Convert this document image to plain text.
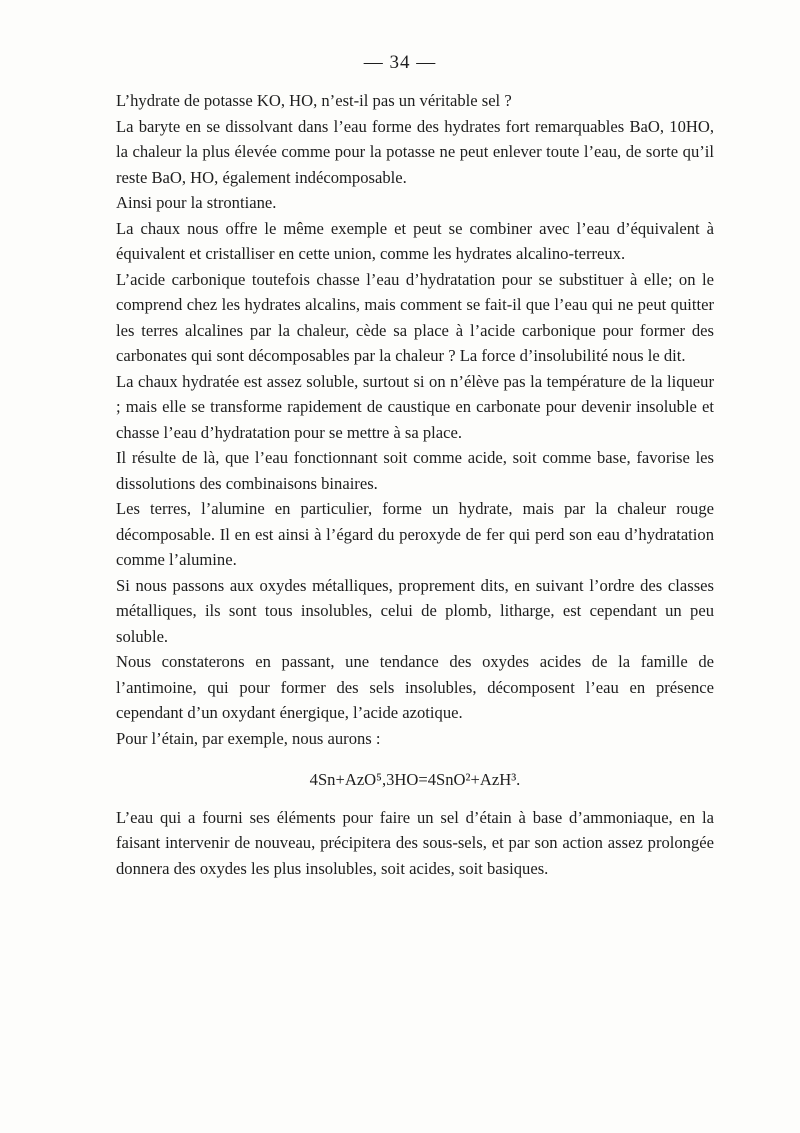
— 34 —

L’hydrate de potasse KO, HO, n’est-il pas un véritable sel ?

La baryte en se dissolvant dans l’eau forme des hydrates fort remarquables BaO, 10HO, la chaleur la plus élevée comme pour la potasse ne peut enlever toute l’eau, de sorte qu’il reste BaO, HO, également indécomposable.

Ainsi pour la strontiane.

La chaux nous offre le même exemple et peut se combiner avec l’eau d’équivalent à équivalent et cristalliser en cette union, comme les hydrates alcalino-terreux.

L’acide carbonique toutefois chasse l’eau d’hydratation pour se substituer à elle; on le comprend chez les hydrates alcalins, mais comment se fait-il que l’eau qui ne peut quitter les terres alcalines par la chaleur, cède sa place à l’acide carbonique pour former des carbonates qui sont décomposables par la chaleur ? La force d’insolubilité nous le dit.

La chaux hydratée est assez soluble, surtout si on n’élève pas la température de la liqueur ; mais elle se transforme rapidement de caustique en carbonate pour devenir insoluble et chasse l’eau d’hydratation pour se mettre à sa place.

Il résulte de là, que l’eau fonctionnant soit comme acide, soit comme base, favorise les dissolutions des combinaisons binaires.

Les terres, l’alumine en particulier, forme un hydrate, mais par la chaleur rouge décomposable. Il en est ainsi à l’égard du peroxyde de fer qui perd son eau d’hydratation comme l’alumine.

Si nous passons aux oxydes métalliques, proprement dits, en suivant l’ordre des classes métalliques, ils sont tous insolubles, celui de plomb, litharge, est cependant un peu soluble.

Nous constaterons en passant, une tendance des oxydes acides de la famille de l’antimoine, qui pour former des sels insolubles, décomposent l’eau en présence cependant d’un oxydant énergique, l’acide azotique.

Pour l’étain, par exemple, nous aurons :

4Sn+AzO⁵,3HO=4SnO²+AzH³.

L’eau qui a fourni ses éléments pour faire un sel d’étain à base d’ammoniaque, en la faisant intervenir de nouveau, précipitera des sous-sels, et par son action assez prolongée donnera des oxydes les plus insolubles, soit acides, soit basiques.
